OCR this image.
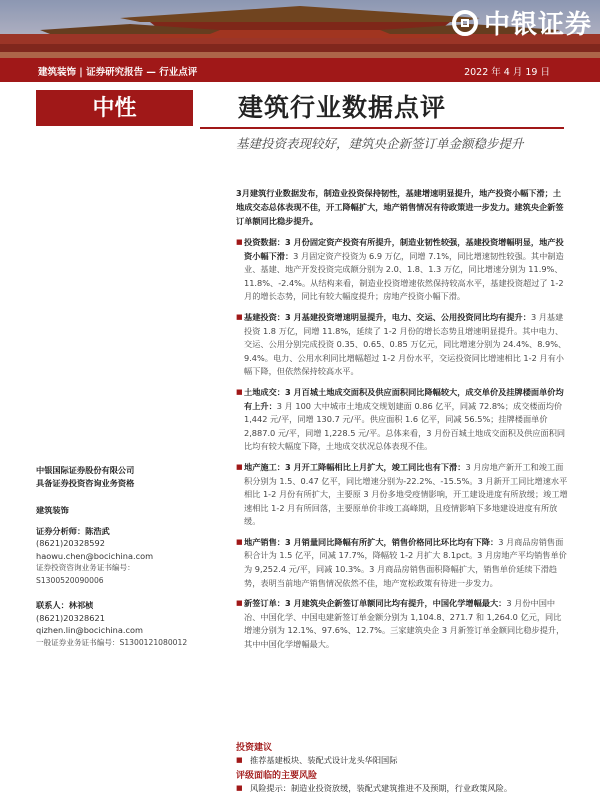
中银证券
建筑装饰 | 证券研究报告 — 行业点评	2022 年 4 月 19 日
中性	建筑行业数据点评
基建投资表现较好，建筑央企新签订单金额稳步提升
3月建筑行业数据发布，制造业投资保持韧性，基建增速明显提升，地产投资小幅下滑；土地成交态总体表现不佳，开工降幅扩大，地产销售情况有待政策进一步发力。建筑央企新签订单额同比稳步提升。
■ 投资数据：3 月份固定资产投资有所提升，制造业韧性较强，基建投资增幅明显，地产投资小幅下滑：3 月固定资产投资为 6.9 万亿，同增 7.1%，同比增速韧性较强。其中制造业、基建、地产开发投资完成额分别为 2.0、1.8、1.3 万亿，同比增速分别为 11.9%、11.8%、-2.4%。从结构来看，制造业投资增速依然保持较高水平，基建投资超过了 1-2 月的增长态势，同比有较大幅度提升；房地产投资小幅下滑。
■ 基建投资：3 月基建投资增速明显提升，电力、交运、公用投资同比均有提升：3 月基建投资 1.8 万亿，同增 11.8%，延续了 1-2 月份的增长态势且增速明显提升。其中电力、交运、公用分别完成投资 0.35、0.65、0.85 万亿元，同比增速分别为 24.4%、8.9%、9.4%。电力、公用水利同比增幅超过 1-2 月份水平，交运投资同比增速相比 1-2 月有小幅下降，但依然保持较高水平。
■ 土地成交：3 月百城土地成交面积及供应面积同比降幅较大，成交单价及挂牌楼面单价均有上升：3 月 100 大中城市土地成交规划建面 0.86 亿平，同减 72.8%；成交楼面均价 1,442 元/平，同增 130.7 元/平。供应面积 1.6 亿平，同减 56.5%；挂牌楼面单价 2,887.0 元/平，同增 1,228.5 元/平。总体来看，3 月份百城土地成交面积及供应面积同比均有较大幅度下降，土地成交状况总体表现不佳。
■ 地产施工：3 月开工降幅相比上月扩大，竣工同比也有下滑：3 月房地产新开工和竣工面积分别为 1.5、0.47 亿平，同比增速分别为-22.2%、-15.5%。3 月新开工同比增速水平相比 1-2 月份有所扩大，主要原 3 月份多地受疫情影响，开工建设进度有所放缓；竣工增速相比 1-2 月有所回落，主要原单价非竣工高峰期，且疫情影响下多地建设进度有所放缓。
■ 地产销售：3 月销量同比降幅有所扩大，销售价格同比环比均有下降：3 月商品房销售面积合计为 1.5 亿平，同减 17.7%，降幅较 1-2 月扩大 8.1pct。3 月房地产平均销售单价为 9,252.4 元/平，同减 10.3%。3 月商品房销售面积降幅扩大，销售单价延续下滑趋势，表明当前地产销售情况依然不佳，地产宽松政策有待进一步发力。
■ 新签订单：3 月建筑央企新签订单额同比均有提升，中国化学增幅最大：3 月份中国中冶、中国化学、中国电建新签订单金额分别为 1,104.8、271.7 和 1,264.0 亿元，同比增速分别为 12.1%、97.6%、12.7%。三家建筑央企 3 月新签订单金额同比稳步提升，其中中国化学增幅最大。
投资建议
■ 推荐基建板块、装配式设计龙头华阳国际
评级面临的主要风险
■ 风险提示：制造业投资放缓，装配式建筑推进不及预期，行业政策风险。
中银国际证券股份有限公司
具备证券投资咨询业务资格
建筑装饰
证券分析师：陈浩武
(8621)20328592
haowu.chen@bocichina.com
证券投资咨询业务证书编号：S1300520090006
联系人：林祁桢
(8621)20328621
qizhen.lin@bocichina.com
一般证券业务证书编号：S1300121080012
